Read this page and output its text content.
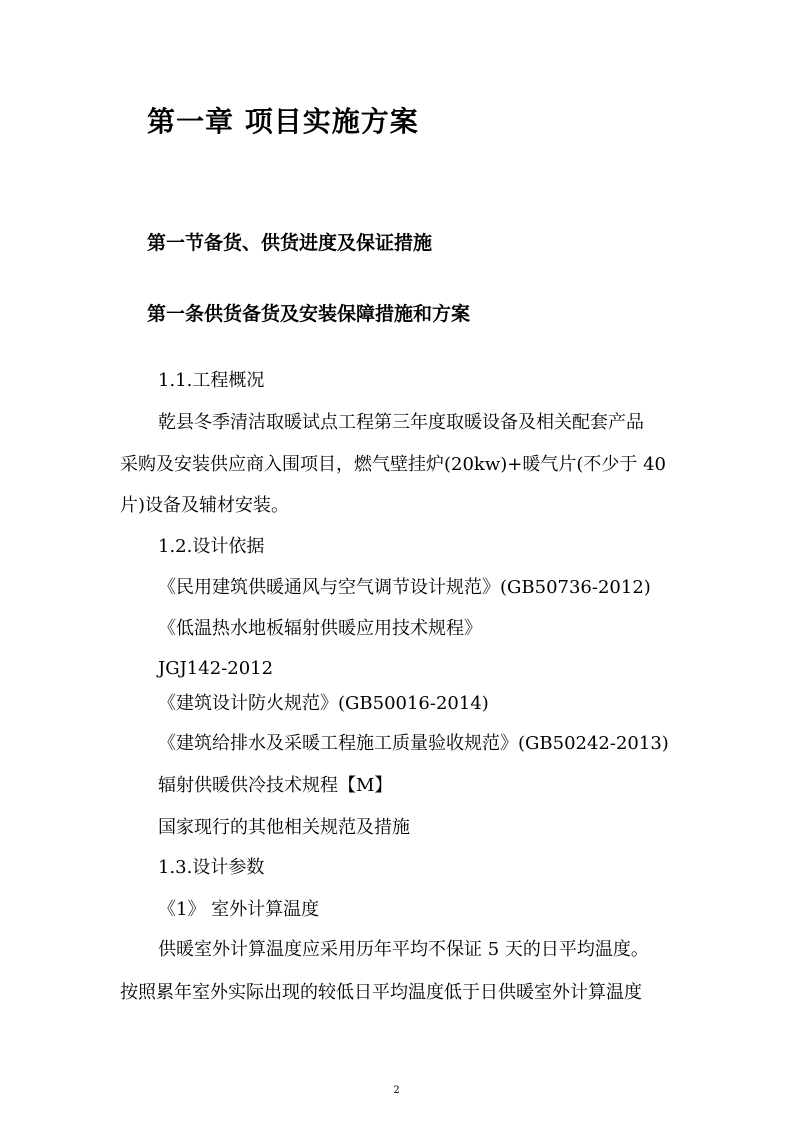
第一章 项目实施方案
第一节备货、供货进度及保证措施
第一条供货备货及安装保障措施和方案
1.1.工程概况
乾县冬季清洁取暖试点工程第三年度取暖设备及相关配套产品
采购及安装供应商入围项目，燃气壁挂炉(20kw)+暖气片(不少于 40
片)设备及辅材安装。
1.2.设计依据
《民用建筑供暖通风与空气调节设计规范》(GB50736-2012)
《低温热水地板辐射供暖应用技术规程》
JGJ142-2012
《建筑设计防火规范》(GB50016-2014)
《建筑给排水及采暖工程施工质量验收规范》(GB50242-2013)
辐射供暖供冷技术规程【M】
国家现行的其他相关规范及措施
1.3.设计参数
《1》 室外计算温度
供暖室外计算温度应采用历年平均不保证 5 天的日平均温度。
按照累年室外实际出现的较低日平均温度低于日供暖室外计算温度
2
